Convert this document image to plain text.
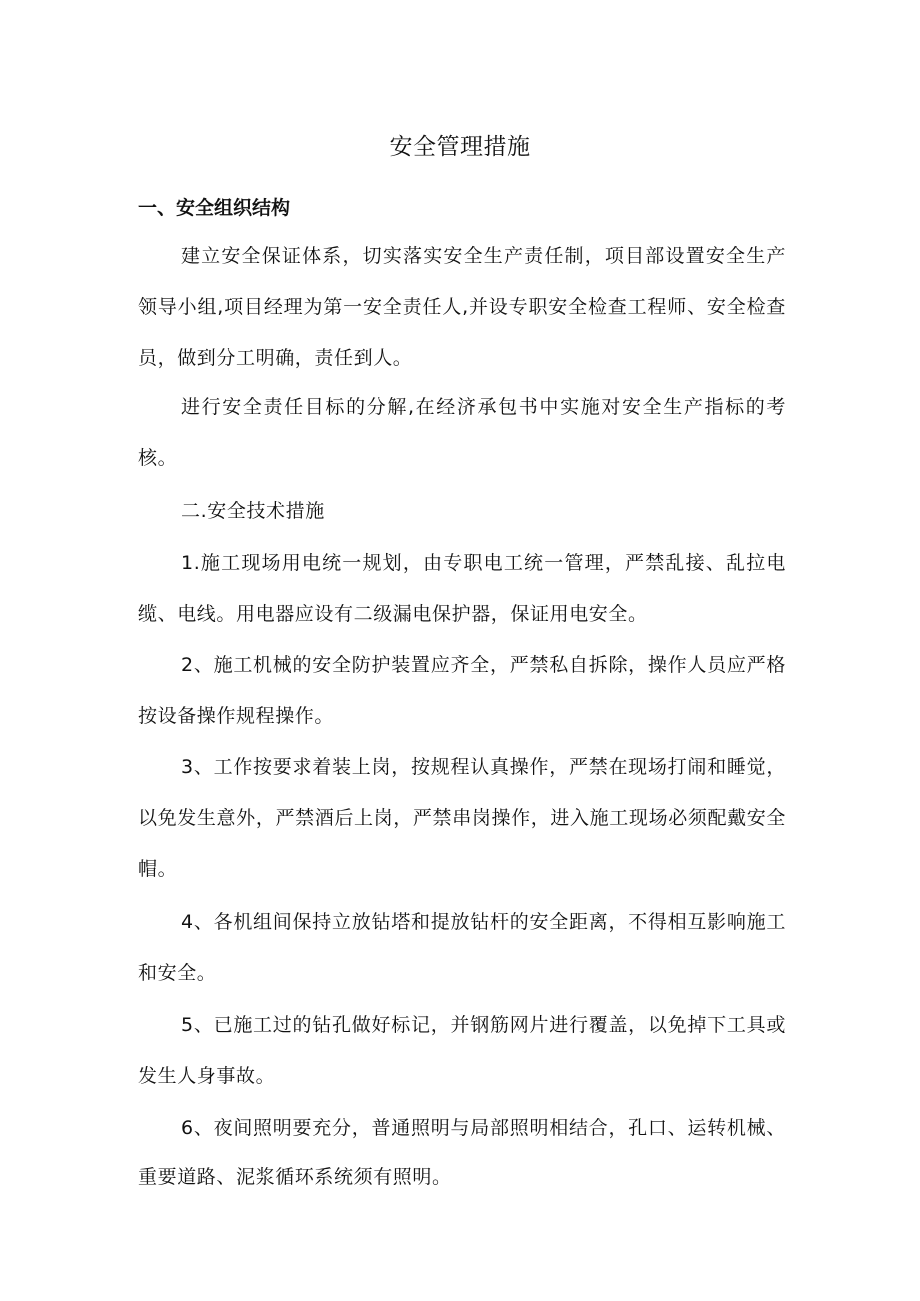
安全管理措施
一、安全组织结构

建立安全保证体系，切实落实安全生产责任制，项目部设置安全生产领导小组,项目经理为第一安全责任人,并设专职安全检查工程师、安全检查员，做到分工明确，责任到人。

进行安全责任目标的分解,在经济承包书中实施对安全生产指标的考核。

二.安全技术措施

1.施工现场用电统一规划，由专职电工统一管理，严禁乱接、乱拉电缆、电线。用电器应设有二级漏电保护器，保证用电安全。

2、施工机械的安全防护装置应齐全，严禁私自拆除，操作人员应严格按设备操作规程操作。

3、工作按要求着装上岗，按规程认真操作，严禁在现场打闹和睡觉，以免发生意外，严禁酒后上岗，严禁串岗操作，进入施工现场必须配戴安全帽。

4、各机组间保持立放钻塔和提放钻杆的安全距离，不得相互影响施工和安全。

5、已施工过的钻孔做好标记，并钢筋网片进行覆盖，以免掉下工具或发生人身事故。

6、夜间照明要充分，普通照明与局部照明相结合，孔口、运转机械、重要道路、泥浆循环系统须有照明。
